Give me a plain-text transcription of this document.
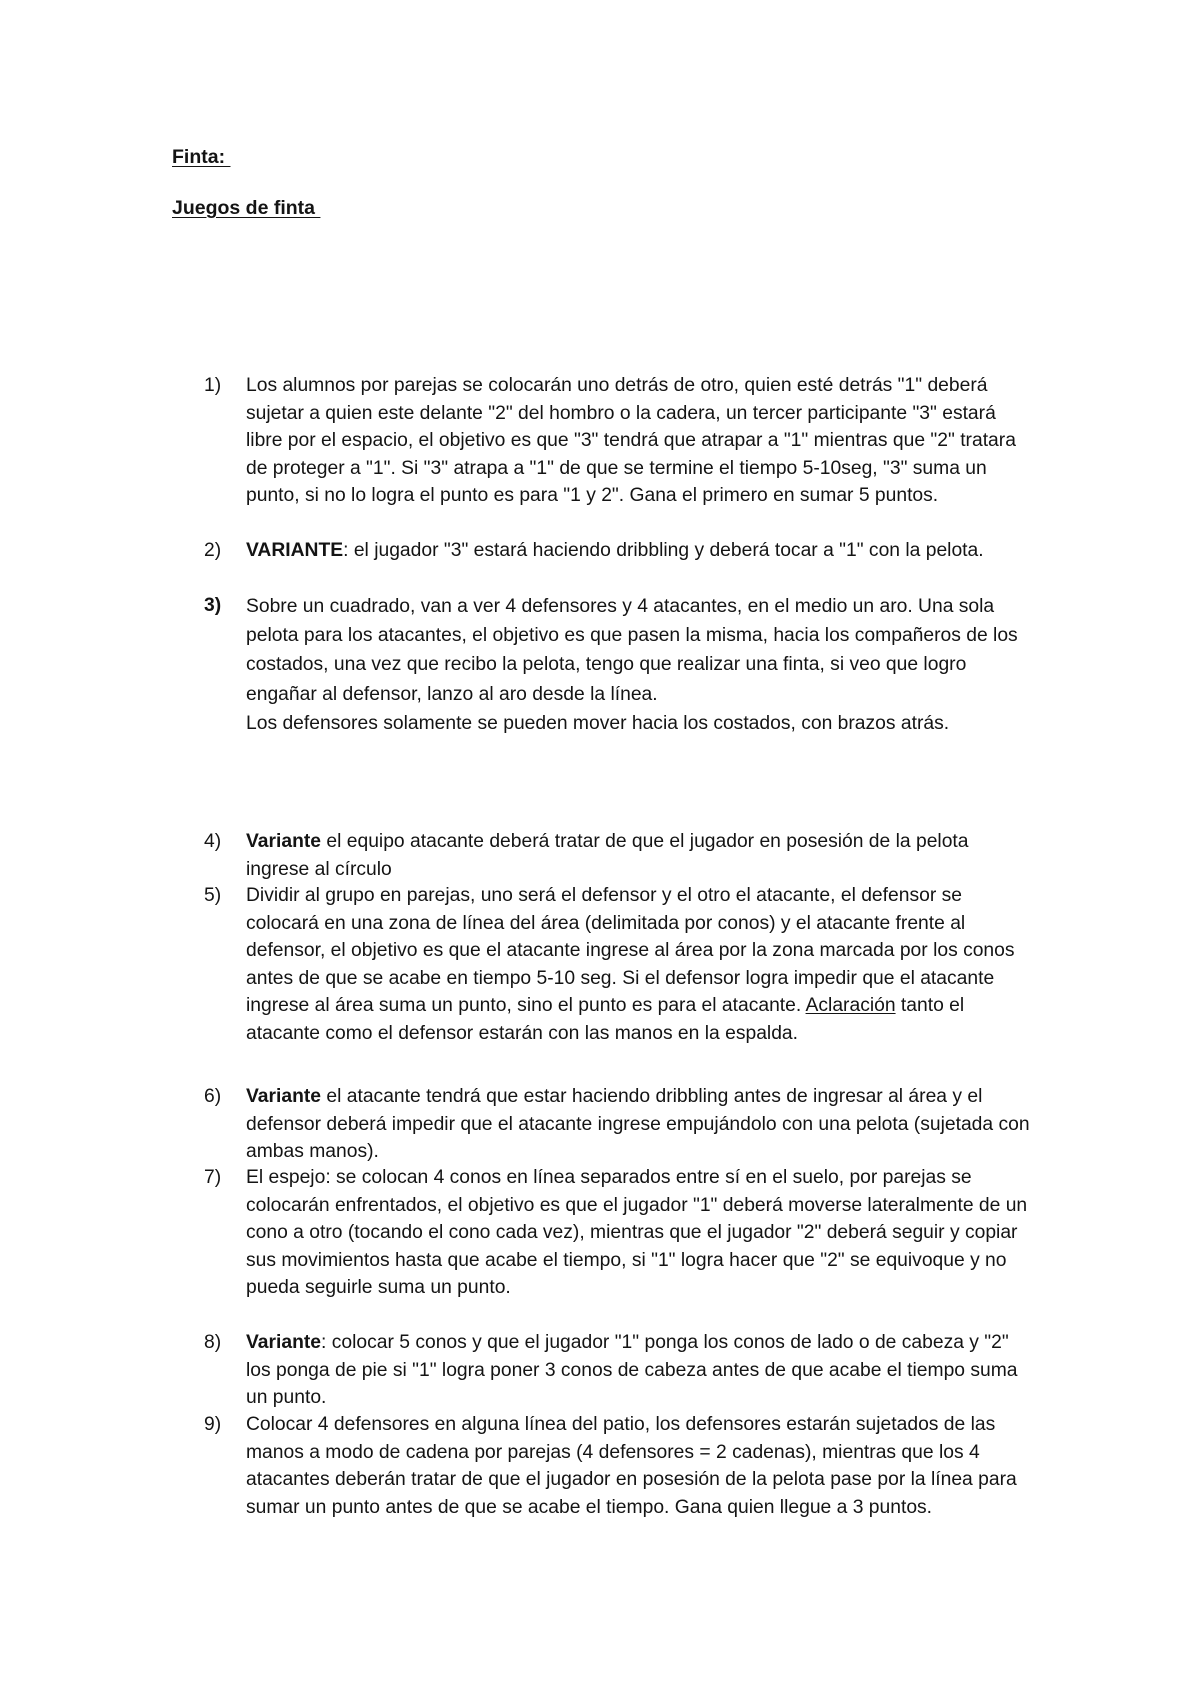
Finta:
Juegos de finta
1)	Los alumnos por parejas se colocarán uno detrás de otro, quien esté detrás "1" deberá sujetar a quien este delante "2" del hombro o la cadera, un tercer participante "3" estará libre por el espacio, el objetivo es que "3" tendrá que atrapar a "1" mientras que "2" tratara de proteger a "1". Si "3" atrapa a "1" de que se termine el tiempo 5-10seg, "3" suma un punto, si no lo logra el punto es para "1 y 2". Gana el primero en sumar 5 puntos.
2)	VARIANTE: el jugador "3" estará haciendo dribbling y deberá tocar a "1" con la pelota.
3)	Sobre un cuadrado, van a ver 4 defensores y 4 atacantes, en el medio un aro. Una sola pelota para los atacantes, el objetivo es que pasen la misma, hacia los compañeros de los costados, una vez que recibo la pelota, tengo que realizar una finta, si veo que logro engañar al defensor, lanzo al aro desde la línea.
Los defensores solamente se pueden mover hacia los costados, con brazos atrás.
4)	Variante el equipo atacante deberá tratar de que el jugador en posesión de la pelota ingrese al círculo
5)	Dividir al grupo en parejas, uno será el defensor y el otro el atacante, el defensor se colocará en una zona de línea del área (delimitada por conos) y el atacante frente al defensor, el objetivo es que el atacante ingrese al área por la zona marcada por los conos antes de que se acabe en tiempo 5-10 seg. Si el defensor logra impedir que el atacante ingrese al área suma un punto, sino el punto es para el atacante. Aclaración tanto el atacante como el defensor estarán con las manos en la espalda.
6)	Variante el atacante tendrá que estar haciendo dribbling antes de ingresar al área y el defensor deberá impedir que el atacante ingrese empujándolo con una pelota (sujetada con ambas manos).
7)	El espejo: se colocan 4 conos en línea separados entre sí en el suelo, por parejas se colocarán enfrentados, el objetivo es que el jugador "1" deberá moverse lateralmente de un cono a otro (tocando el cono cada vez), mientras que el jugador "2" deberá seguir y copiar sus movimientos hasta que acabe el tiempo, si "1" logra hacer que "2" se equivoque y no pueda seguirle suma un punto.
8)	Variante: colocar 5 conos y que el jugador "1" ponga los conos de lado o de cabeza y "2" los ponga de pie si "1" logra poner 3 conos de cabeza antes de que acabe el tiempo suma un punto.
9)	Colocar 4 defensores en alguna línea del patio, los defensores estarán sujetados de las manos a modo de cadena por parejas (4 defensores = 2 cadenas), mientras que los 4 atacantes deberán tratar de que el jugador en posesión de la pelota pase por la línea para sumar un punto antes de que se acabe el tiempo. Gana quien llegue a 3 puntos.
